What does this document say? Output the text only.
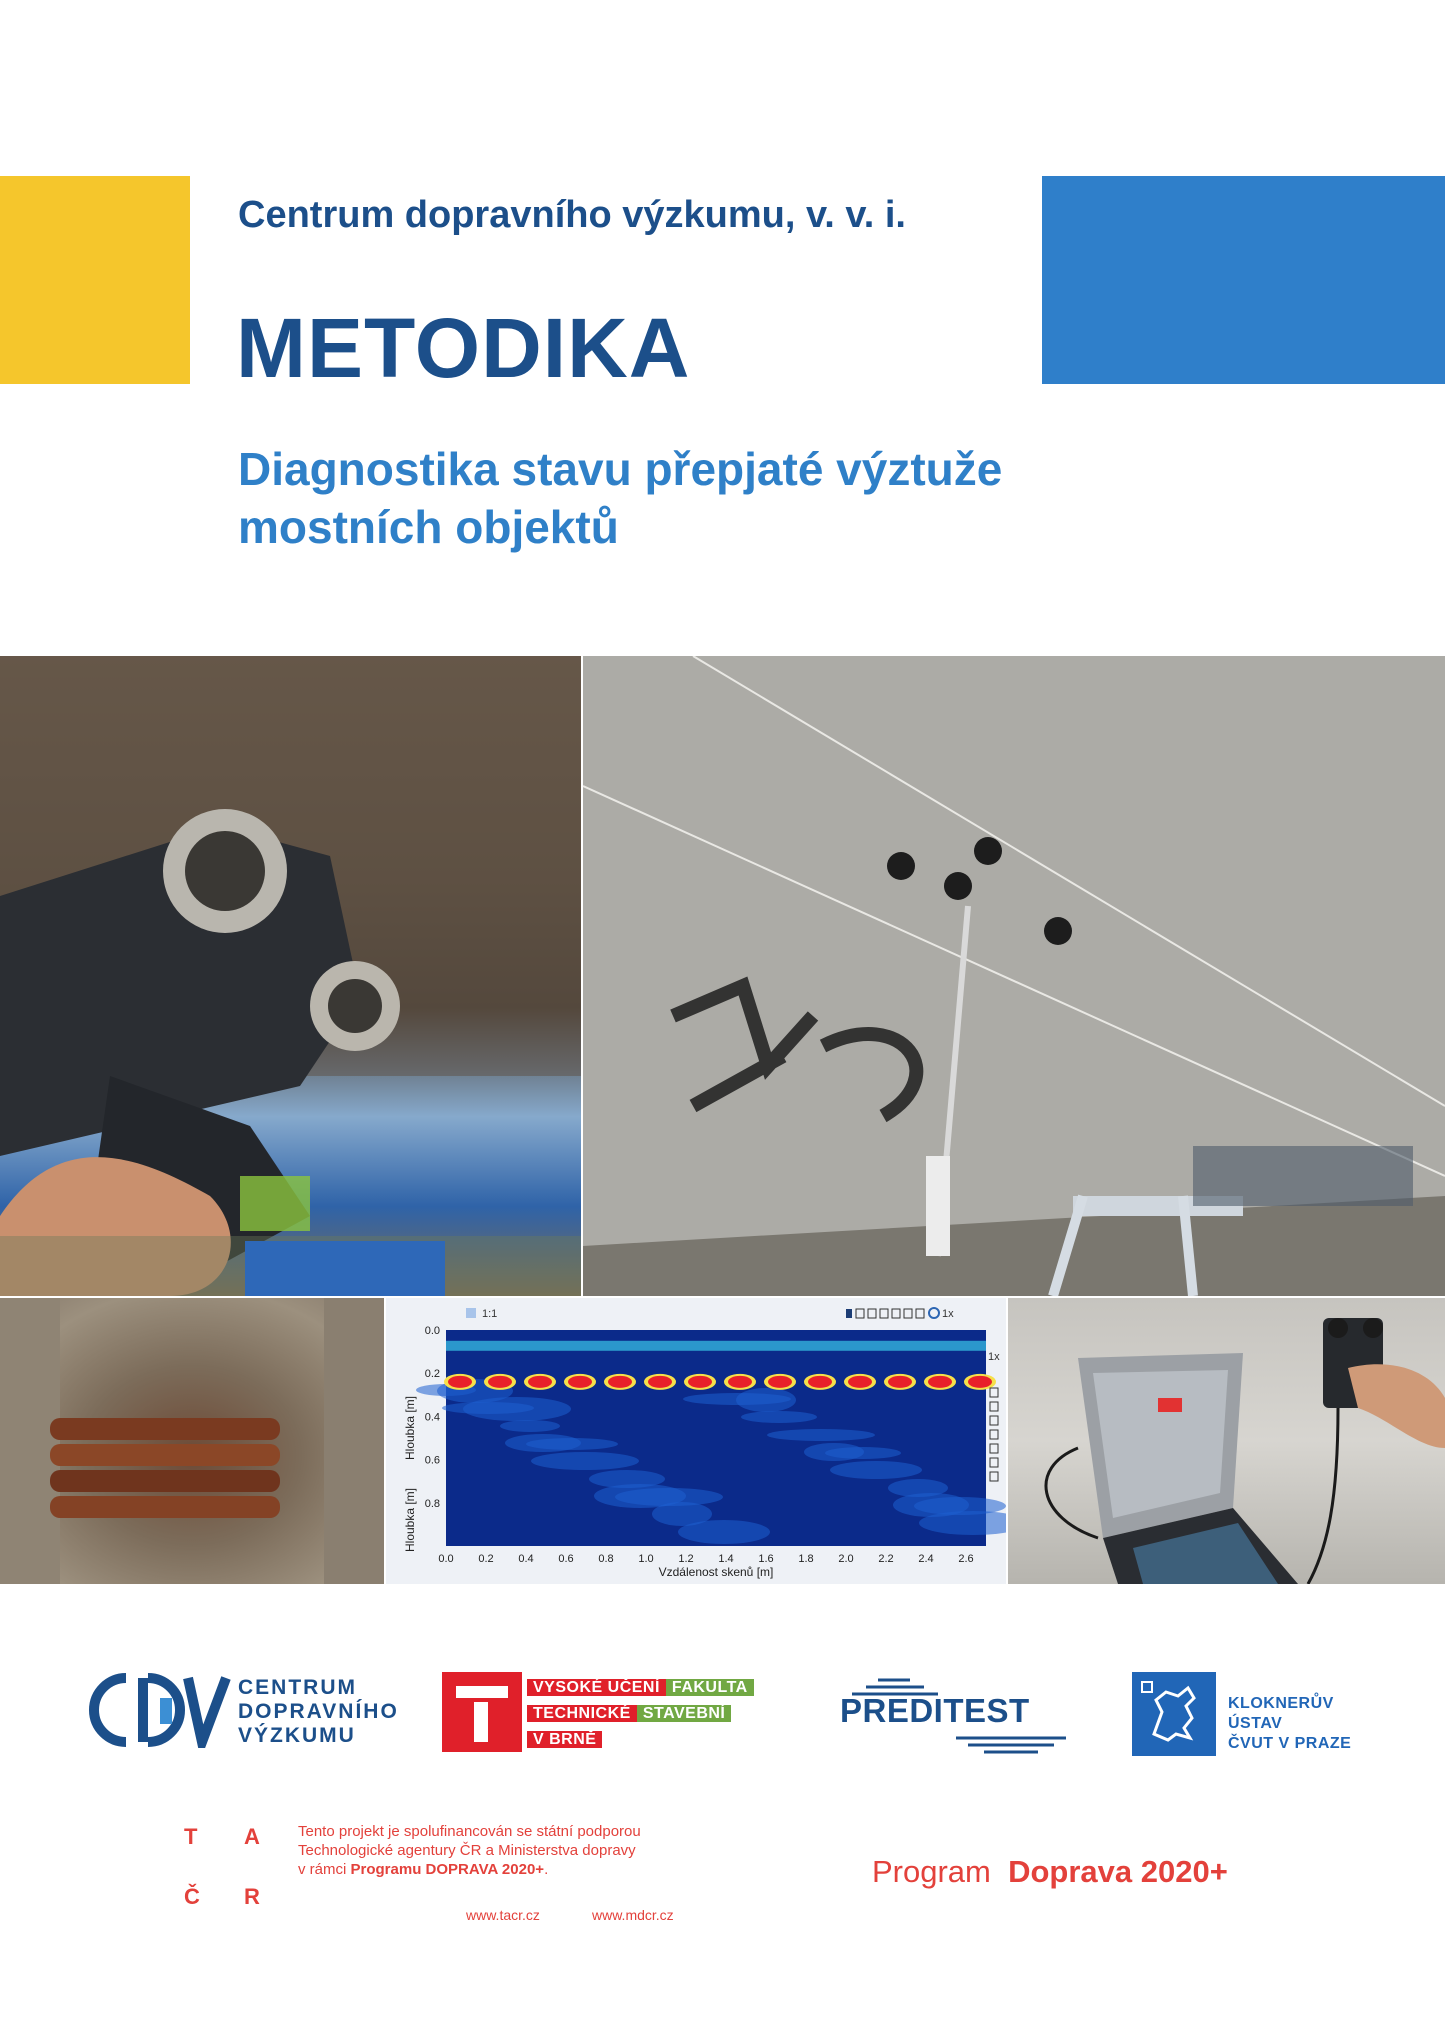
Centrum dopravního výzkumu, v. v. i.
METODIKA
Diagnostika stavu přepjaté výztuže
mostních objektů
0.0 0.2 0.4 0.6 0.8 1.0 1.2 1.4 1.6 1.8 2.0 2.2 2.4 2.6
0.0
0.2
0.4
0.6
0.8
Vzdálenost skenů [m]
Hloubka [m]
Hloubka [m]
1:1	1x
1x
CENTRUM
DOPRAVNÍHO
VÝZKUMU
VYSOKÉ UČENÍ FAKULTA
TECHNICKÉ STAVEBNÍ
V BRNĚ
PREDITEST	KLOKNERŮV
ÚSTAV
ČVUT V PRAZE
T A
Č R
Tento projekt je spolufinancován se státní podporou
Technologické agentury ČR a Ministerstva dopravy
v rámci Programu DOPRAVA 2020+.
www.tacr.cz	www.mdcr.cz
Program Doprava 2020+
